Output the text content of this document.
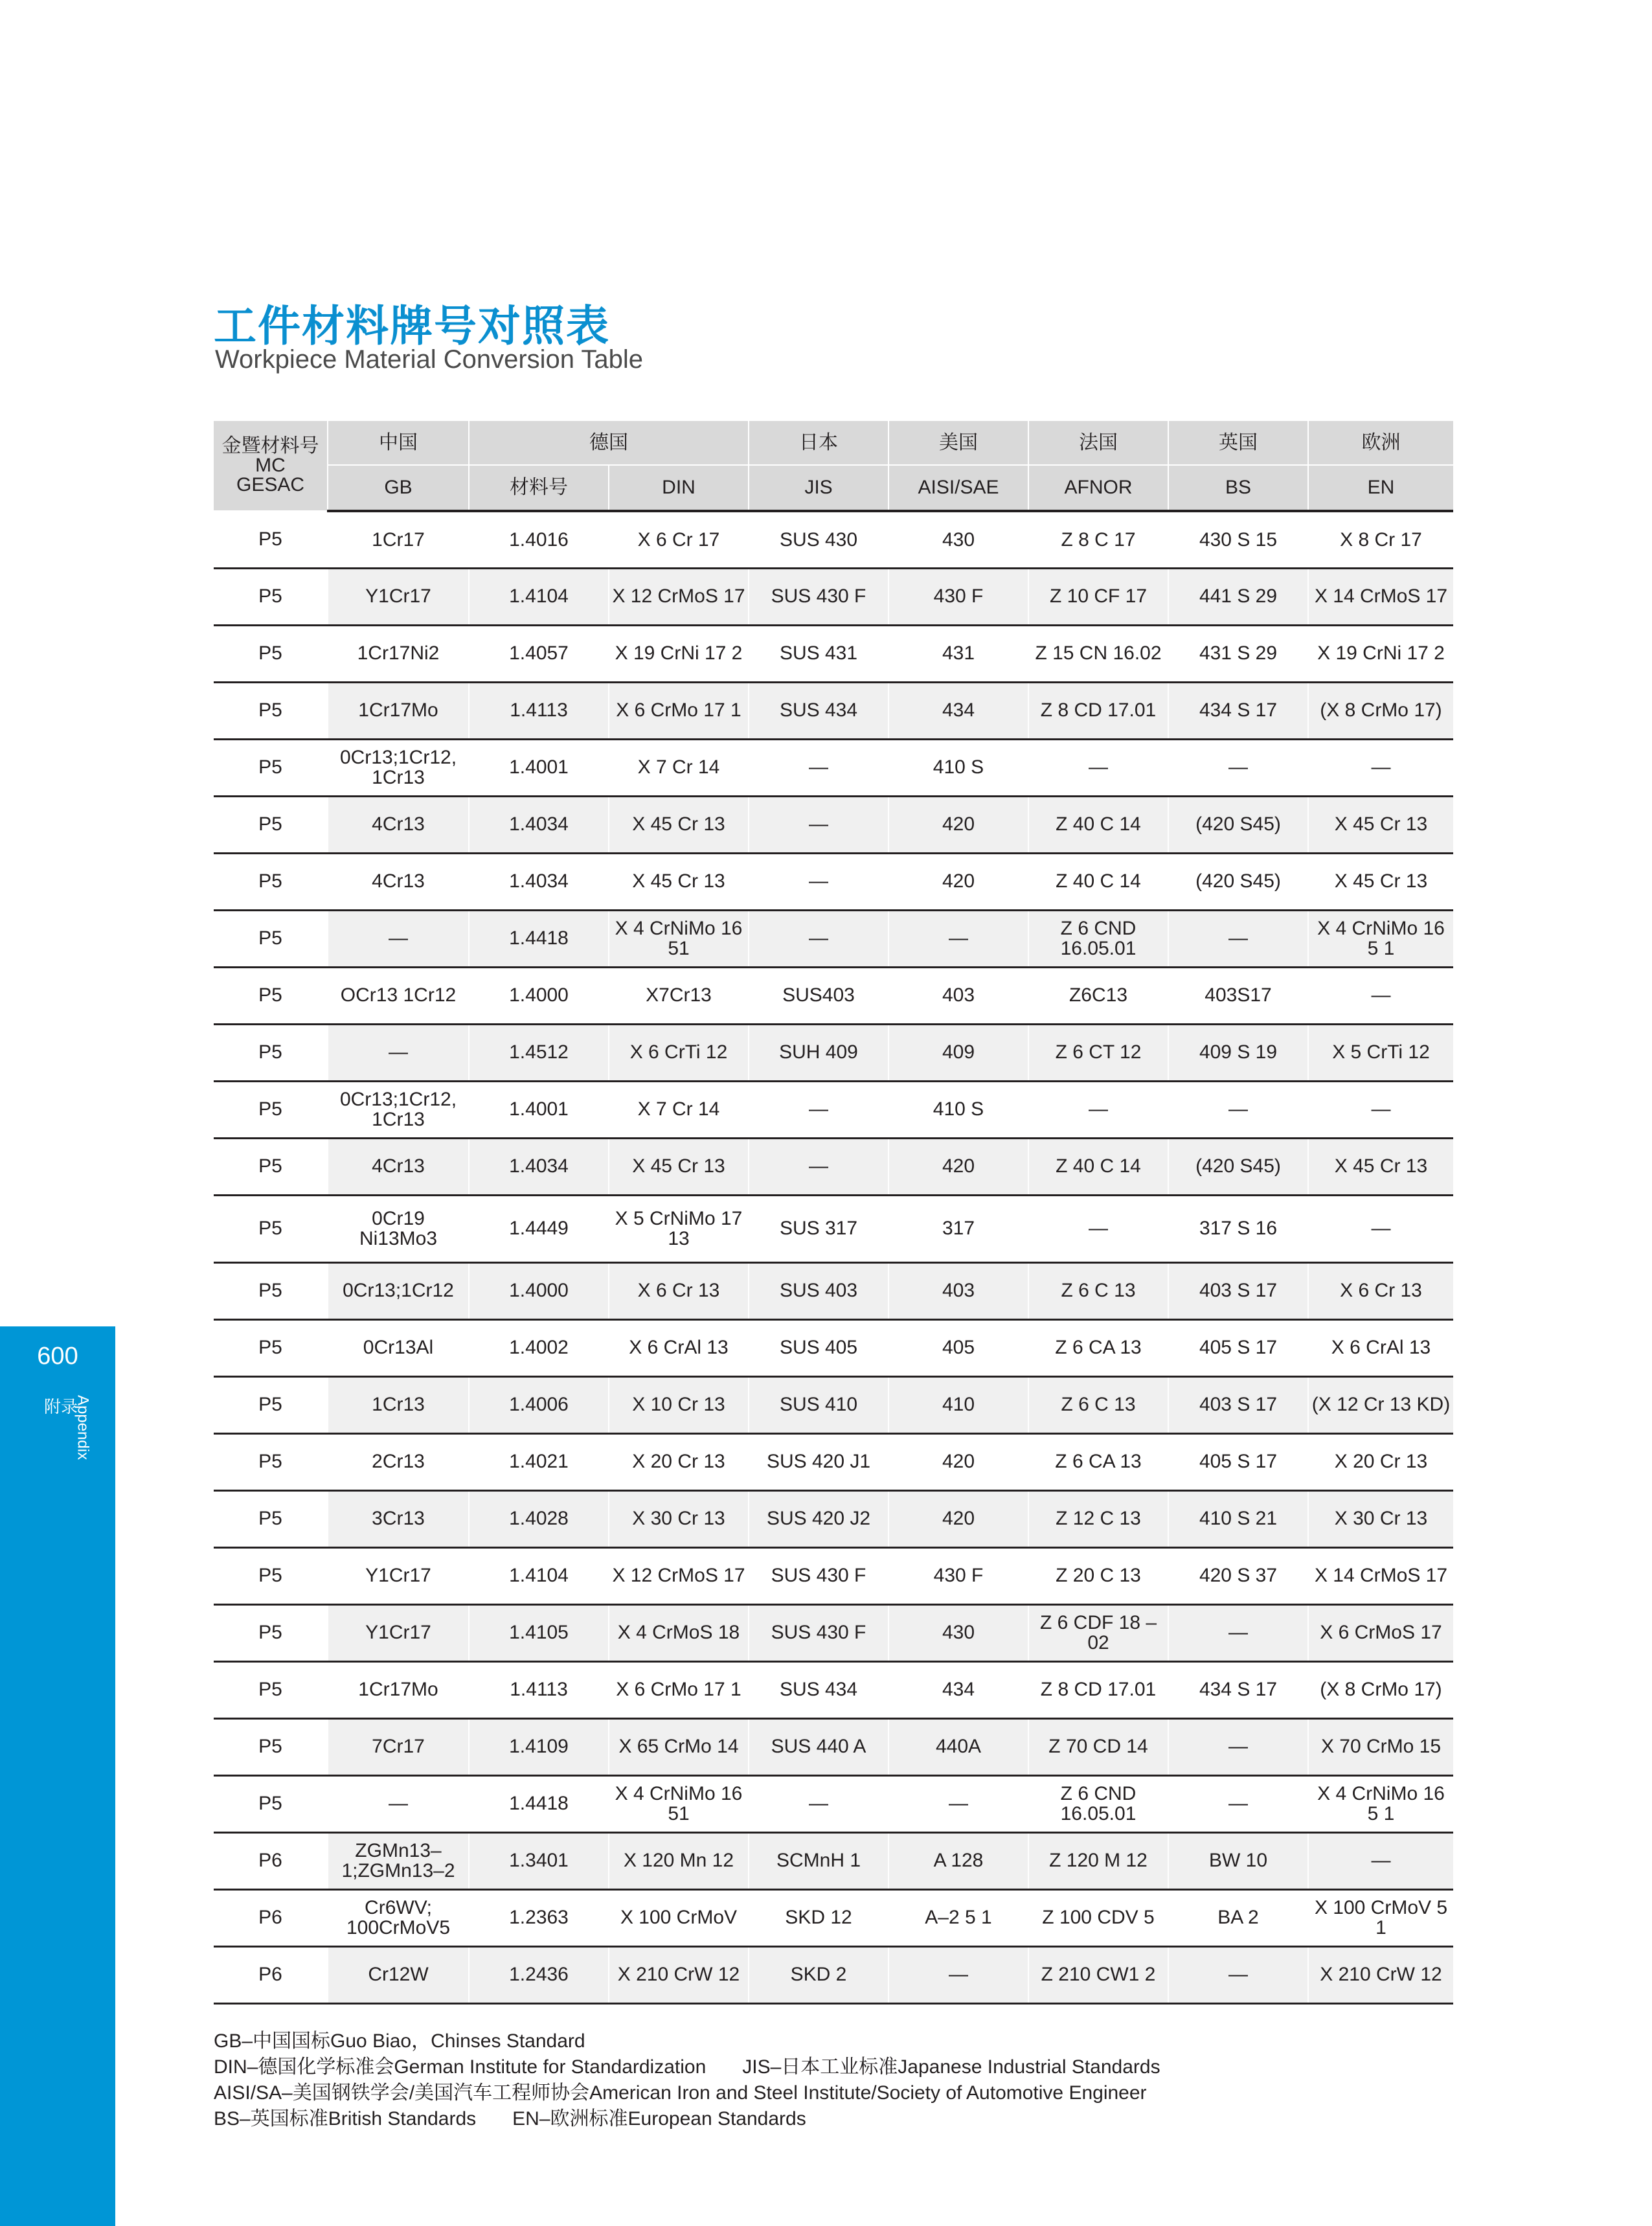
600
附录
Appendix
工件材料牌号对照表
Workpiece Material Conversion Table
金暨材料号
MC
GESAC	中国	德国		日本	美国	法国	英国	欧洲
	GB	材料号	DIN	JIS	AISI/SAE	AFNOR	BS	EN
P5	1Cr17	1.4016	X 6 Cr 17	SUS 430	430	Z 8 C 17	430 S 15	X 8 Cr 17
P5	Y1Cr17	1.4104	X 12 CrMoS 17	SUS 430 F	430 F	Z 10 CF 17	441 S 29	X 14 CrMoS 17
P5	1Cr17Ni2	1.4057	X 19 CrNi 17 2	SUS 431	431	Z 15 CN 16.02	431 S 29	X 19 CrNi 17 2
P5	1Cr17Mo	1.4113	X 6 CrMo 17 1	SUS 434	434	Z 8 CD 17.01	434 S 17	(X 8 CrMo 17)
P5	0Cr13;1Cr12, 1Cr13	1.4001	X 7 Cr 14	—	410 S	—	—	—
P5	4Cr13	1.4034	X 45 Cr 13	—	420	Z 40 C 14	(420 S45)	X 45 Cr 13
P5	4Cr13	1.4034	X 45 Cr 13	—	420	Z 40 C 14	(420 S45)	X 45 Cr 13
P5	—	1.4418	X 4 CrNiMo 16 51	—	—	Z 6 CND 16.05.01	—	X 4 CrNiMo 16 5 1
P5	OCr13 1Cr12	1.4000	X7Cr13	SUS403	403	Z6C13	403S17	—
P5	—	1.4512	X 6 CrTi 12	SUH 409	409	Z 6 CT 12	409 S 19	X 5 CrTi 12
P5	0Cr13;1Cr12, 1Cr13	1.4001	X 7 Cr 14	—	410 S	—	—	—
P5	4Cr13	1.4034	X 45 Cr 13	—	420	Z 40 C 14	(420 S45)	X 45 Cr 13
P5	0Cr19 Ni13Mo3	1.4449	X 5 CrNiMo 17 13	SUS 317	317	—	317 S 16	—
P5	0Cr13;1Cr12	1.4000	X 6 Cr 13	SUS 403	403	Z 6 C 13	403 S 17	X 6 Cr 13
P5	0Cr13Al	1.4002	X 6 CrAl 13	SUS 405	405	Z 6 CA 13	405 S 17	X 6 CrAl 13
P5	1Cr13	1.4006	X 10 Cr 13	SUS 410	410	Z 6 C 13	403 S 17	(X 12 Cr 13 KD)
P5	2Cr13	1.4021	X 20 Cr 13	SUS 420 J1	420	Z 6 CA 13	405 S 17	X 20 Cr 13
P5	3Cr13	1.4028	X 30 Cr 13	SUS 420 J2	420	Z 12 C 13	410 S 21	X 30 Cr 13
P5	Y1Cr17	1.4104	X 12 CrMoS 17	SUS 430 F	430 F	Z 20 C 13	420 S 37	X 14 CrMoS 17
P5	Y1Cr17	1.4105	X 4 CrMoS 18	SUS 430 F	430	Z 6 CDF 18 – 02	—	X 6 CrMoS 17
P5	1Cr17Mo	1.4113	X 6 CrMo 17 1	SUS 434	434	Z 8 CD 17.01	434 S 17	(X 8 CrMo 17)
P5	7Cr17	1.4109	X 65 CrMo 14	SUS 440 A	440A	Z 70 CD 14	—	X 70 CrMo 15
P5	—	1.4418	X 4 CrNiMo 16 51	—	—	Z 6 CND 16.05.01	—	X 4 CrNiMo 16 5 1
P6	ZGMn13–1;ZGMn13–2	1.3401	X 120 Mn 12	SCMnH 1	A 128	Z 120 M 12	BW 10	—
P6	Cr6WV; 100CrMoV5	1.2363	X 100 CrMoV	SKD 12	A–2 5 1	Z 100 CDV 5	BA 2	X 100 CrMoV 5 1
P6	Cr12W	1.2436	X 210 CrW 12	SKD 2	—	Z 210 CW1 2	—	X 210 CrW 12
GB–中国国标Guo Biao，Chinses Standard
DIN–德国化学标准会German Institute for Standardization JIS–日本工业标准Japanese Industrial Standards
AISI/SA–美国钢铁学会/美国汽车工程师协会American Iron and Steel Institute/Society of Automotive Engineer
BS–英国标准British Standards EN–欧洲标准European Standards
